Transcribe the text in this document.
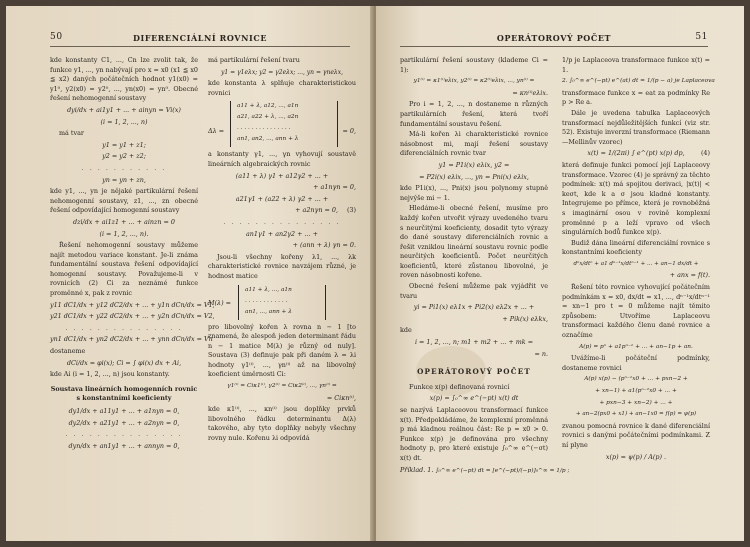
50	DIFERENCIÁLNÍ ROVNICE

kde konstanty C1, ..., Cn lze zvolit tak, že funkce y1, ..., yn nabývají pro x = x0 (x1 ≦ x0 ≦ x2) daných počátečních hodnot y1(x0) = y1⁰, y2(x0) = y2⁰, ..., yn(x0) = yn⁰. Obecné řešení nehomogenní soustavy

dyi/dx + ai1y1 + ... + ainyn = Vi(x)
(i = 1, 2, ..., n)

má tvar

y1 = y1 + z1;
y2 = y2 + z2;
. . . . . . . . . . .
yn = yn + zn,

kde y1, ..., yn je nějaké partikulární řešení nehomogenní soustavy, z1, ..., zn obecné řešení odpovídající homogenní soustavy

dzi/dx + ai1z1 + ... + ainzn = 0
(i = 1, 2, ..., n).

Řešení nehomogenní soustavy můžeme najít metodou variace konstant. Je-li známa fundamentální soustava řešení odpovídající homogenní soustavy. Považujeme-li v rovnicích (2) Ci za neznámé funkce proměnné x, pak z rovnic

y11 dC1/dx + y12 dC2/dx + ... + y1n dCn/dx = V1,
y21 dC1/dx + y22 dC2/dx + ... + y2n dCn/dx = V2,
. . . . . . . . . . . . . . .
yn1 dC1/dx + yn2 dC2/dx + ... + ynn dCn/dx = Vn

dostaneme

dCi/dx = φi(x); Ci = ∫ φi(x) dx + Ai,

kde Ai (i = 1, 2, ..., n) jsou konstanty.

Soustava lineárních homogenních rovnic s konstantními koeficienty
dy1/dx + a11y1 + ... + a1nyn = 0,
dy2/dx + a21y1 + ... + a2nyn = 0,
. . . . . . . . . . . . . . .
dyn/dx + an1y1 + ... + annyn = 0,

má partikulární řešení tvaru

y1 = γ1eλx; y2 = γ2eλx; ..., yn = γneλx,

kde konstanta λ splňuje charakteristickou rovnici

Δλ =
a11 + λ, a12, ..., a1n
a21, a22 + λ, ..., a2n
. . . . . . . . . . . . . . .
an1, an2, ..., ann + λ
= 0,

a konstanty γ1, ..., γn vyhovují soustavě lineárních algebraických rovnic

(a11 + λ) γ1 + a12γ2 + ... +
+ a1nγn = 0,
a21γ1 + (a22 + λ) γ2 + ... +
+ a2nγn = 0, (3)
. . . . . . . . . . . . . . .
an1γ1 + an2γ2 + ... +
+ (ann + λ) γn = 0.

Jsou-li všechny kořeny λ1, ..., λk charakteristické rovnice navzájem různé, je hodnost matice

M(λ) =
a11 + λ, ..., a1n
. . . . . . . . . . . .
an1, ..., ann + λ

pro libovolný kořen λ rovna n − 1 [to znamená, že alespoň jeden determinant řádu n − 1 matice M(λ) je různý od nuly]. Soustava (3) definuje pak při daném λ = λi hodnoty γ1⁽ⁱ⁾, ..., γn⁽ⁱ⁾ až na libovolný koeficient úměrnosti Ci:

γ1⁽ⁱ⁾ = Ciκ1⁽ⁱ⁾, γ2⁽ⁱ⁾ = Ciκ2⁽ⁱ⁾, ..., γn⁽ⁱ⁾ =
= Ciκn⁽ⁱ⁾,

kde κ1⁽ⁱ⁾, ..., κn⁽ⁱ⁾ jsou doplňky prvků libovolného řádku determinantu Δ(λ) takového, aby tyto doplňky nebyly všechny rovny nule. Kořenu λi odpovídá

OPERÁTOROVÝ POČET	51

partikulární řešení soustavy (klademe Ci = 1):

y1⁽ⁱ⁾ = κ1⁽ⁱ⁾eλix, y2⁽ⁱ⁾ = κ2⁽ⁱ⁾eλix, ..., yn⁽ⁱ⁾ =
= κn⁽ⁱ⁾eλix.

Pro i = 1, 2, ..., n dostaneme n různých partikulárních řešení, která tvoří fundamentální soustavu řešení.

Má-li kořen λi charakteristické rovnice násobnost mi, mají řešení soustavy diferenciálních rovnic tvar

y1 = P1i(x) eλix, y2 =
= P2i(x) eλix, ..., yn = Pni(x) eλix,

kde P1i(x), ..., Pni(x) jsou polynomy stupně nejvýše mi − 1.

Hledáme-li obecné řešení, musíme pro každý kořen utvořit výrazy uvedeného tvaru s neurčitými koeficienty, dosadit tyto výrazy do dané soustavy diferenciálních rovnic a řešit vzniklou lineární soustavu rovnic podle neurčitých koeficientů. Počet neurčitých koeficientů, které zůstanou libovolné, je roven násobnosti kořene.

Obecné řešení můžeme pak vyjádřit ve tvaru

yi = Pi1(x) eλ1x + Pi2(x) eλ2x + ... +
+ Pik(x) eλkx,

kde

i = 1, 2, ..., n; m1 + m2 + ... + mk =
= n.
OPERÁTOROVÝ POČET

Funkce x(p) definovaná rovnicí

x(p) = ∫₀^∞ e^(−pt) x(t) dt

se nazývá Laplaceovou transformací funkce x(t). Předpokládáme, že komplexní proměnná p má kladnou reálnou část: Re p = x0 > 0. Funkce x(p) je definována pro všechny hodnoty p, pro které existuje ∫₀^∞ e^(−σt) x(t) dt.

Příklad. 1. ∫₀^∞ e^(−pt) dt = [e^(−pt)/(−p)]₀^∞ = 1/p ;

1/p je Laplaceova transformace funkce x(t) = 1.

2. ∫₀^∞ e^(−pt) e^(at) dt = 1/(p − a) je Laplaceova

transformace funkce x = eat za podmínky Re p > Re a.

Dále je uvedena tabulka Laplaceových transformací nejdůležitějších funkcí (viz str. 52). Existuje inverzní transformace (Riemann—Mellinův vzorec)

x(t) = 1/(2πi) ∫ e^(pt) x(p) dp,	(4)

která definuje funkci pomocí její Laplaceovy transformace. Vzorec (4) je správný za těchto podmínek: x(t) má spojitou derivaci, |x(t)| < keσt, kde k a σ jsou kladné konstanty. Integrujeme po přímce, která je rovnoběžná s imaginární osou v rovině komplexní proměnné p a leží vpravo od všech singulárních bodů funkce x(p).

Budiž dána lineární diferenciální rovnice s konstantními koeficienty

dⁿx/dtⁿ + a1 dⁿ⁻¹x/dtⁿ⁻¹ + ... + an−1 dx/dt +
+ anx = f(t).

Řešení této rovnice vyhovující počátečním podmínkám x = x0, dx/dt = x1, ..., dⁿ⁻¹x/dtⁿ⁻¹ = xn−1 pro t = 0 můžeme najít těmito způsobem: Utvoříme Laplaceovu transformaci každého členu dané rovnice a označíme

A(p) = pⁿ + a1pⁿ⁻¹ + ... + an−1p + an.

Uvážíme-li počáteční podmínky, dostaneme rovnici

A(p) x(p) − (pⁿ⁻¹x0 + ... + pxn−2 +
+ xn−1) + a1(pⁿ⁻²x0 + ... +
+ pxn−3 + xn−2) + ... +
+ an−2(px0 + x1) + an−1x0 = f(p) = ψ(p)

zvanou pomocná rovnice k dané diferenciální rovnici s danými počátečními podmínkami. Z ní plyne

x(p) = ψ(p) / A(p) .
